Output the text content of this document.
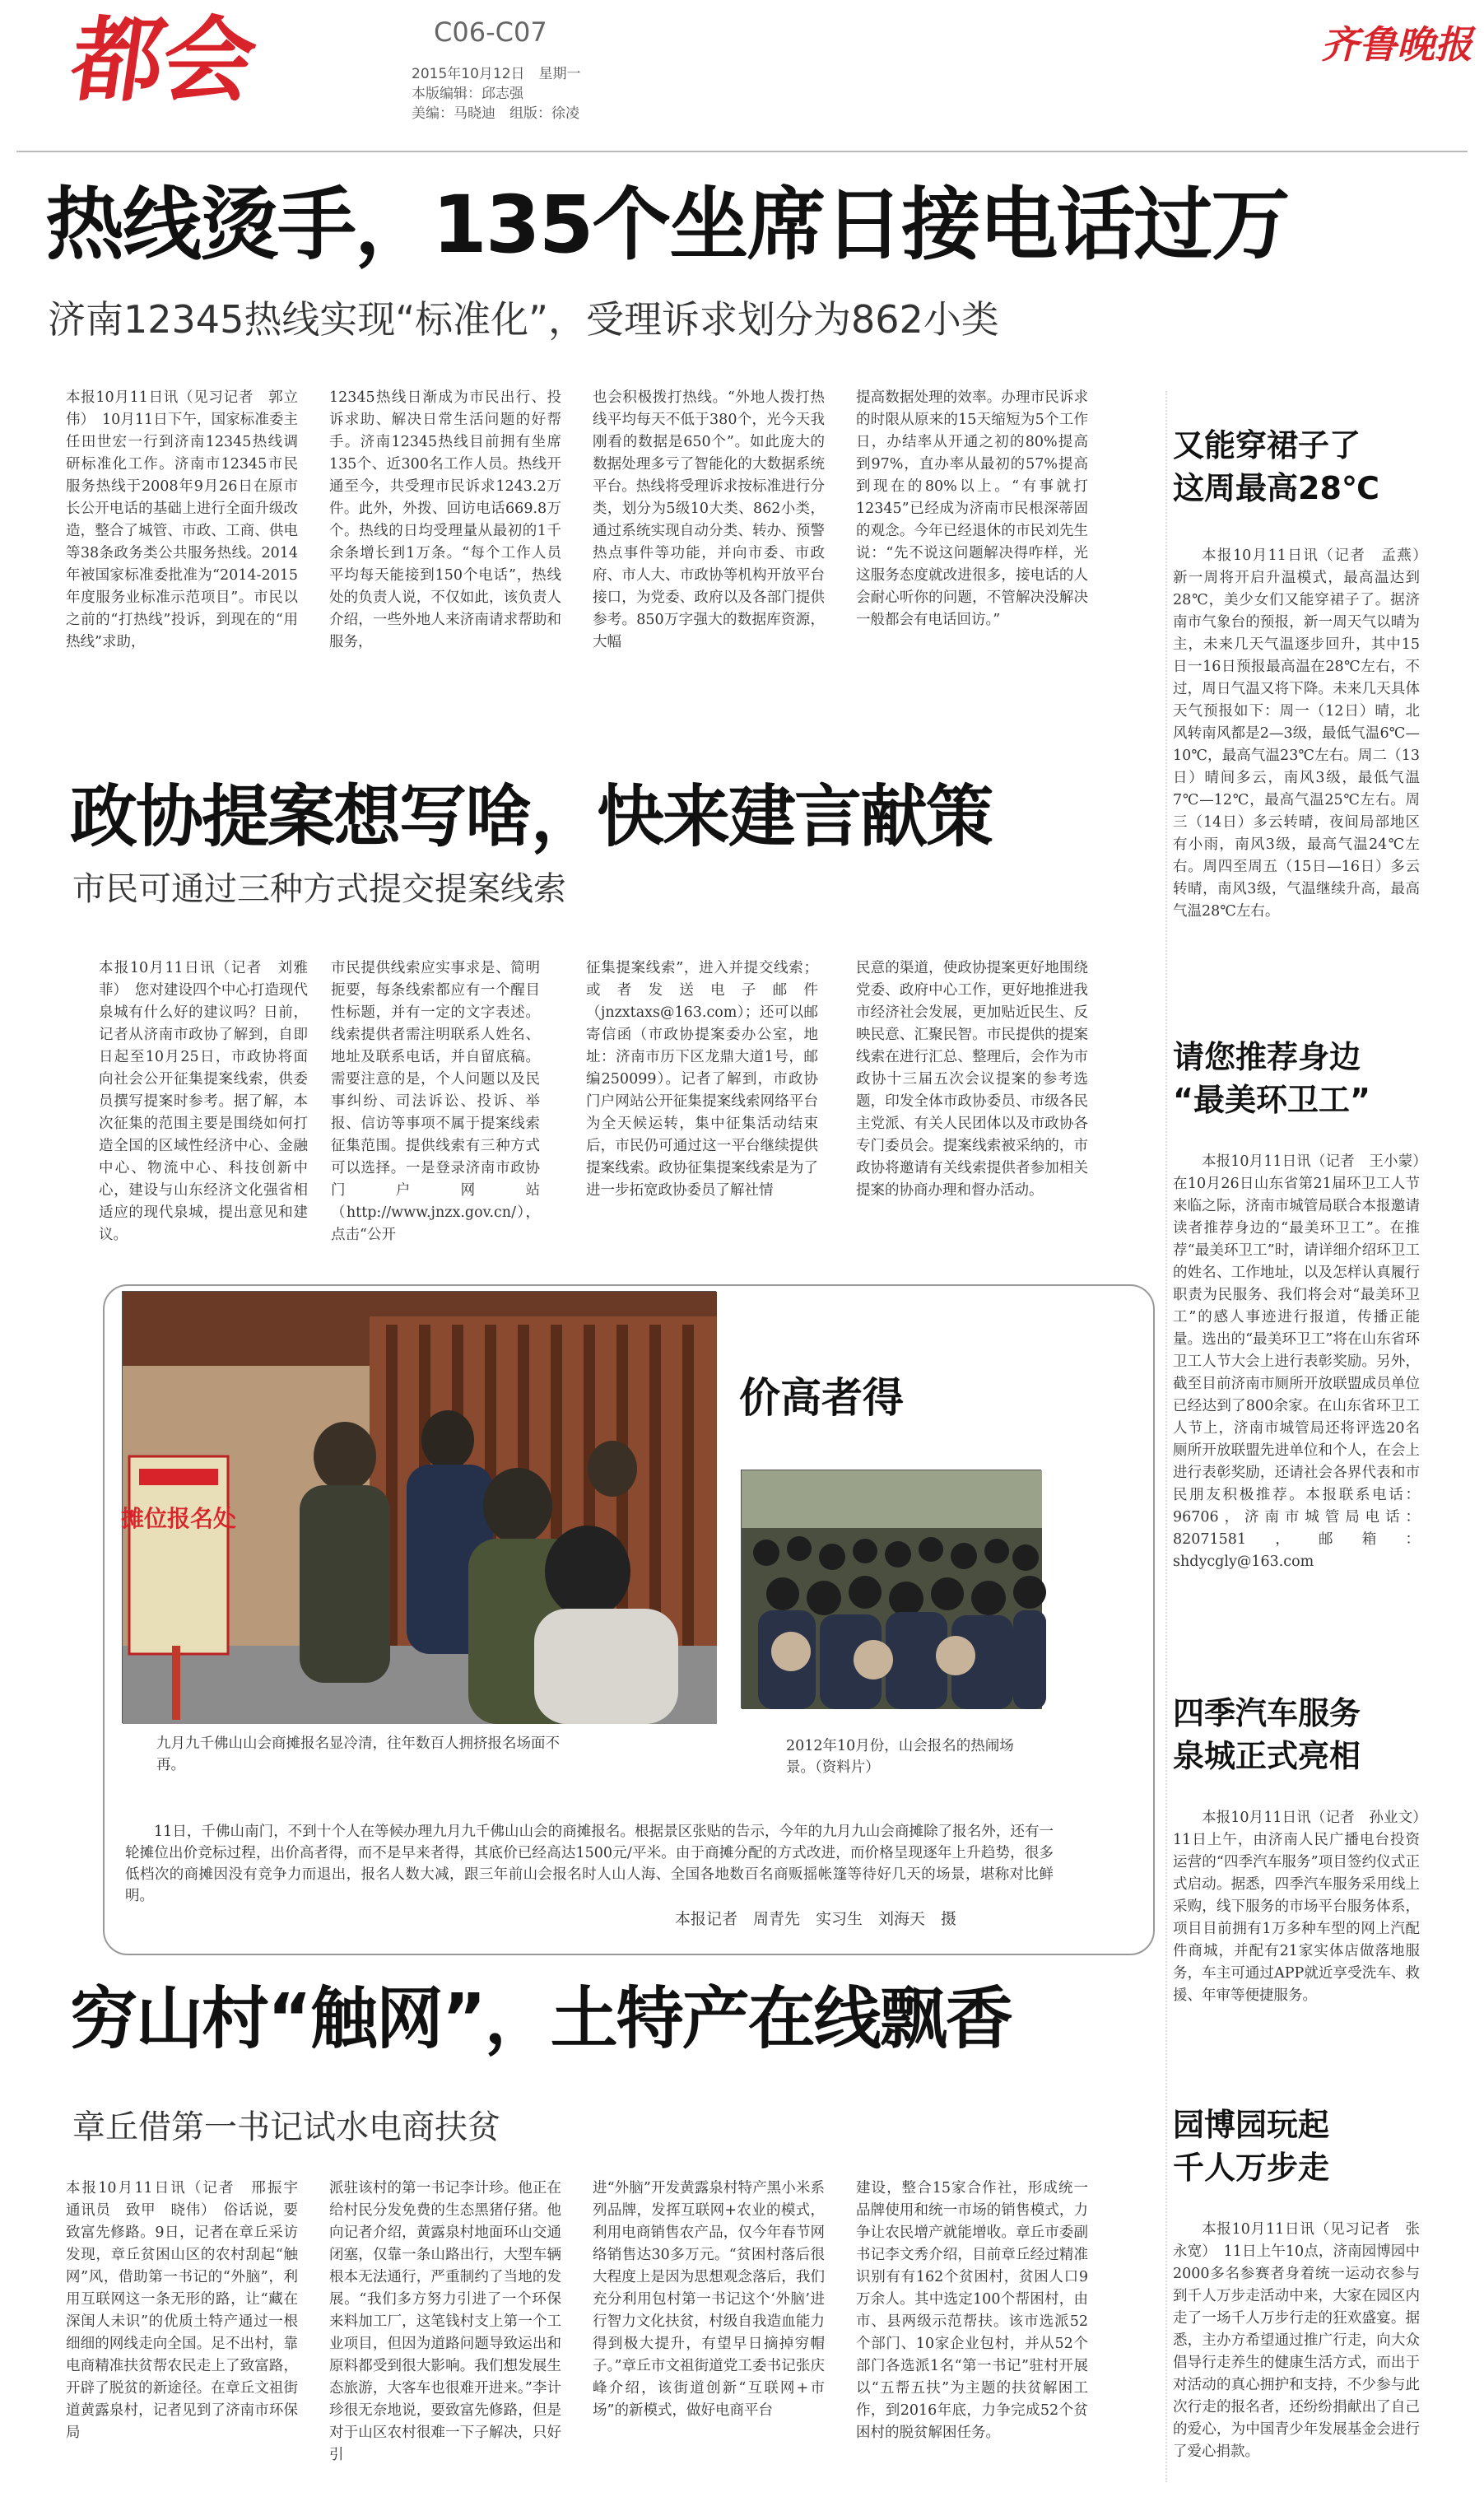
都会	C06-C07
2015年10月12日　星期一
本版编辑：邱志强
美编：马晓迪　组版：徐凌
齐鲁晚报
热线烫手，135个坐席日接电话过万
济南12345热线实现“标准化”，受理诉求划分为862小类
本报10月11日讯（见习记者　郭立伟）　10月11日下午，国家标准委主任田世宏一行到济南12345热线调研标准化工作。济南市12345市民服务热线于2008年9月26日在原市长公开电话的基础上进行全面升级改造，整合了城管、市政、工商、供电等38条政务类公共服务热线。2014年被国家标准委批准为“2014-2015年度服务业标准示范项目”。市民以之前的“打热线”投诉，到现在的“用热线”求助，
12345热线日渐成为市民出行、投诉求助、解决日常生活问题的好帮手。济南12345热线目前拥有坐席135个、近300名工作人员。热线开通至今，共受理市民诉求1243.2万件。此外，外拨、回访电话669.8万个。热线的日均受理量从最初的1千余条增长到1万条。“每个工作人员平均每天能接到150个电话”，热线处的负责人说，不仅如此，该负责人介绍，一些外地人来济南请求帮助和服务，
也会积极拨打热线。“外地人拨打热线平均每天不低于380个，光今天我刚看的数据是650个”。如此庞大的数据处理多亏了智能化的大数据系统平台。热线将受理诉求按标准进行分类，划分为5级10大类、862小类，通过系统实现自动分类、转办、预警热点事件等功能，并向市委、市政府、市人大、市政协等机构开放平台接口，为党委、政府以及各部门提供参考。850万字强大的数据库资源，大幅
提高数据处理的效率。办理市民诉求的时限从原来的15天缩短为5个工作日，办结率从开通之初的80%提高到97%，直办率从最初的57%提高到现在的80%以上。“有事就打12345”已经成为济南市民根深蒂固的观念。今年已经退休的市民刘先生说：“先不说这问题解决得咋样，光这服务态度就改进很多，接电话的人会耐心听你的问题，不管解决没解决一般都会有电话回访。”
政协提案想写啥，快来建言献策
市民可通过三种方式提交提案线索
本报10月11日讯（记者　刘雅菲）　您对建设四个中心打造现代泉城有什么好的建议吗？日前，记者从济南市政协了解到，自即日起至10月25日，市政协将面向社会公开征集提案线索，供委员撰写提案时参考。据了解，本次征集的范围主要是围绕如何打造全国的区域性经济中心、金融中心、物流中心、科技创新中心，建设与山东经济文化强省相适应的现代泉城，提出意见和建议。
市民提供线索应实事求是、简明扼要，每条线索都应有一个醒目性标题，并有一定的文字表述。线索提供者需注明联系人姓名、地址及联系电话，并自留底稿。需要注意的是，个人问题以及民事纠纷、司法诉讼、投诉、举报、信访等事项不属于提案线索征集范围。提供线索有三种方式可以选择。一是登录济南市政协门户网站（http://www.jnzx.gov.cn/），点击“公开
征集提案线索”，进入并提交线索；或者发送电子邮件（jnzxtaxs@163.com）；还可以邮寄信函（市政协提案委办公室，地址：济南市历下区龙鼎大道1号，邮编250099）。记者了解到，市政协门户网站公开征集提案线索网络平台为全天候运转，集中征集活动结束后，市民仍可通过这一平台继续提供提案线索。政协征集提案线索是为了进一步拓宽政协委员了解社情
民意的渠道，使政协提案更好地围绕党委、政府中心工作，更好地推进我市经济社会发展，更加贴近民生、反映民意、汇聚民智。市民提供的提案线索在进行汇总、整理后，会作为市政协十三届五次会议提案的参考选题，印发全体市政协委员、市级各民主党派、有关人民团体以及市政协各专门委员会。提案线索被采纳的，市政协将邀请有关线索提供者参加相关提案的协商办理和督办活动。
摊位报名处
价高者得
九月九千佛山山会商摊报名显冷清，往年数百人拥挤报名场面不再。
2012年10月份，山会报名的热闹场景。（资料片）
11日，千佛山南门，不到十个人在等候办理九月九千佛山山会的商摊报名。根据景区张贴的告示，今年的九月九山会商摊除了报名外，还有一轮摊位出价竞标过程，出价高者得，而不是早来者得，其底价已经高达1500元/平米。由于商摊分配的方式改进，而价格呈现逐年上升趋势，很多低档次的商摊因没有竞争力而退出，报名人数大减，跟三年前山会报名时人山人海、全国各地数百名商贩摇帐篷等待好几天的场景，堪称对比鲜明。
本报记者　周青先　实习生　刘海天　摄
穷山村“触网”，土特产在线飘香
章丘借第一书记试水电商扶贫
本报10月11日讯（记者　邢振宇　通讯员　致甲　晓伟）　俗话说，要致富先修路。9日，记者在章丘采访发现，章丘贫困山区的农村刮起“触网”风，借助第一书记的“外脑”，利用互联网这一条无形的路，让“藏在深闺人未识”的优质土特产通过一根细细的网线走向全国。足不出村，靠电商精准扶贫帮农民走上了致富路，开辟了脱贫的新途径。在章丘文祖街道黄露泉村，记者见到了济南市环保局
派驻该村的第一书记李计珍。他正在给村民分发免费的生态黑猪仔猪。他向记者介绍，黄露泉村地面环山交通闭塞，仅靠一条山路出行，大型车辆根本无法通行，严重制约了当地的发展。“我们多方努力引进了一个环保来料加工厂，这笔钱村支上第一个工业项目，但因为道路问题导致运出和原料都受到很大影响。我们想发展生态旅游，大客车也很难开进来。”李计珍很无奈地说，要致富先修路，但是对于山区农村很难一下子解决，只好引
进“外脑”开发黄露泉村特产黑小米系列品牌，发挥互联网+农业的模式，利用电商销售农产品，仅今年春节网络销售达30多万元。“贫困村落后很大程度上是因为思想观念落后，我们充分利用包村第一书记这个‘外脑’进行智力文化扶贫，村级自我造血能力得到极大提升，有望早日摘掉穷帽子。”章丘市文祖街道党工委书记张庆峰介绍，该街道创新“互联网+市场”的新模式，做好电商平台
建设，整合15家合作社，形成统一品牌使用和统一市场的销售模式，力争让农民增产就能增收。章丘市委副书记李文秀介绍，目前章丘经过精准识别有有162个贫困村，贫困人口9万余人。其中选定100个帮困村，由市、县两级示范帮扶。该市选派52个部门、10家企业包村，并从52个部门各选派1名“第一书记”驻村开展以“五帮五扶”为主题的扶贫解困工作，到2016年底，力争完成52个贫困村的脱贫解困任务。
又能穿裙子了
这周最高28℃
本报10月11日讯（记者　孟燕）　新一周将开启升温模式，最高温达到28℃，美少女们又能穿裙子了。据济南市气象台的预报，新一周天气以晴为主，未来几天气温逐步回升，其中15日一16日预报最高温在28℃左右，不过，周日气温又将下降。未来几天具体天气预报如下：周一（12日）晴，北风转南风都是2—3级，最低气温6℃—10℃，最高气温23℃左右。周二（13日）晴间多云，南风3级，最低气温7℃—12℃，最高气温25℃左右。周三（14日）多云转晴，夜间局部地区有小雨，南风3级，最高气温24℃左右。周四至周五（15日—16日）多云转晴，南风3级，气温继续升高，最高气温28℃左右。
请您推荐身边
“最美环卫工”
本报10月11日讯（记者　王小蒙）　在10月26日山东省第21届环卫工人节来临之际，济南市城管局联合本报邀请读者推荐身边的“最美环卫工”。在推荐“最美环卫工”时，请详细介绍环卫工的姓名、工作地址，以及怎样认真履行职责为民服务、我们将会对“最美环卫工”的感人事迹进行报道，传播正能量。选出的“最美环卫工”将在山东省环卫工人节大会上进行表彰奖励。另外，截至目前济南市厕所开放联盟成员单位已经达到了800余家。在山东省环卫工人节上，济南市城管局还将评选20名厕所开放联盟先进单位和个人，在会上进行表彰奖励，还请社会各界代表和市民朋友积极推荐。本报联系电话：96706，济南市城管局电话：82071581，邮箱：shdycgly@163.com
四季汽车服务
泉城正式亮相
本报10月11日讯（记者　孙业文）　11日上午，由济南人民广播电台投资运营的“四季汽车服务”项目签约仪式正式启动。据悉，四季汽车服务采用线上采购，线下服务的市场平台服务体系，项目目前拥有1万多种车型的网上汽配件商城，并配有21家实体店做落地服务，车主可通过APP就近享受洗车、救援、年审等便捷服务。
园博园玩起
千人万步走
本报10月11日讯（见习记者　张永宽）　11日上午10点，济南园博园中2000多名参赛者身着统一运动衣参与到千人万步走活动中来，大家在园区内走了一场千人万步行走的狂欢盛宴。据悉，主办方希望通过推广行走，向大众倡导行走养生的健康生活方式，而出于对活动的真心拥护和支持，不少参与此次行走的报名者，还纷纷捐献出了自己的爱心，为中国青少年发展基金会进行了爱心捐款。
